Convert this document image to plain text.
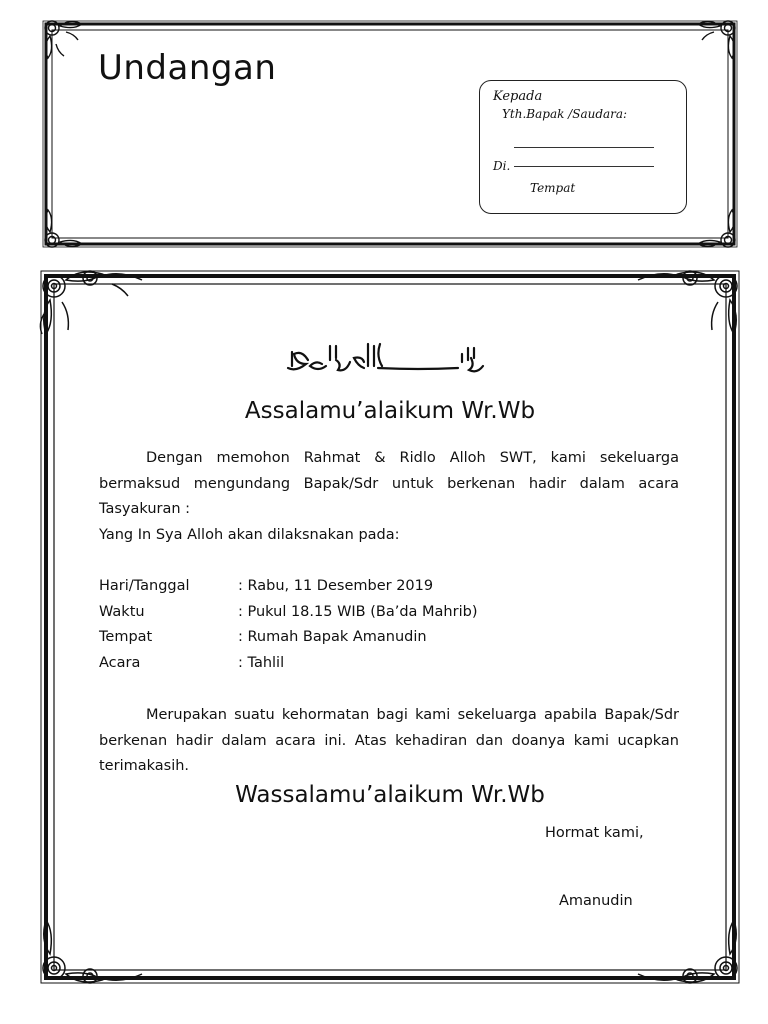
Undangan
Kepada
Yth.Bapak /Saudara:
Di.
Tempat
Assalamu’alaikum Wr.Wb

Dengan memohon Rahmat & Ridlo Alloh SWT, kami sekeluarga bermaksud mengundang Bapak/Sdr untuk berkenan hadir dalam acara Tasyakuran :

Yang In Sya Alloh akan dilaksnakan pada:

Hari/Tanggal	: Rabu, 11 Desember 2019
Waktu	: Pukul 18.15 WIB (Ba’da Mahrib)
Tempat	: Rumah Bapak Amanudin
Acara	: Tahlil

Merupakan suatu kehormatan bagi kami sekeluarga apabila Bapak/Sdr berkenan hadir dalam acara ini. Atas kehadiran dan doanya kami ucapkan terimakasih.

Wassalamu’alaikum Wr.Wb
Hormat kami,
Amanudin
